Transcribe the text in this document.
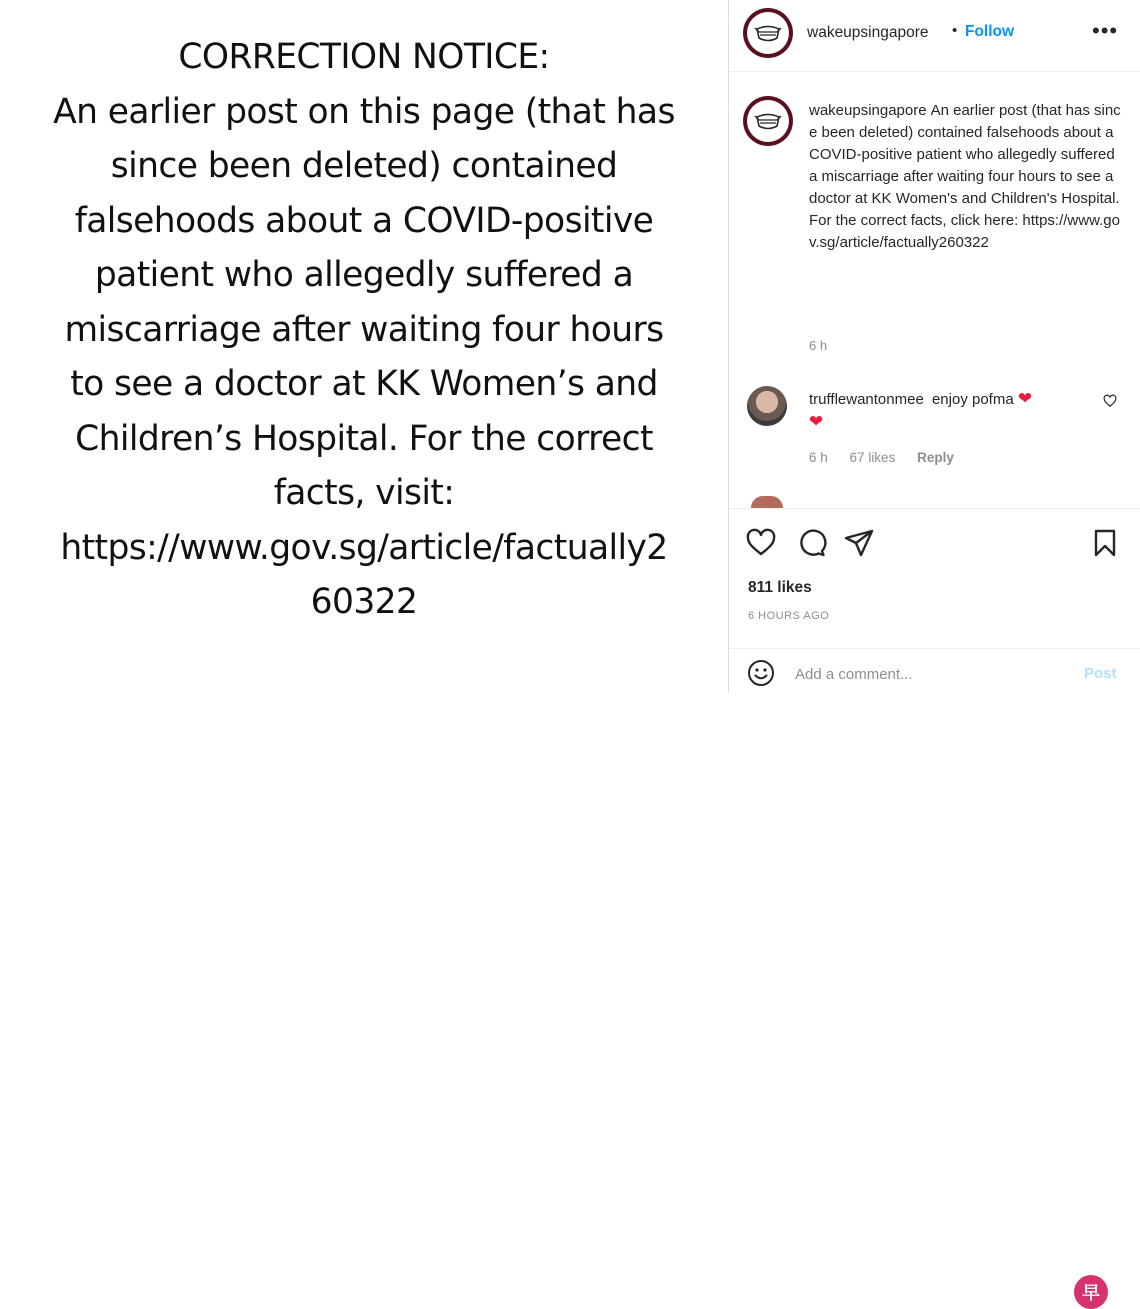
CORRECTION NOTICE:
An earlier post on this page (that has
since been deleted) contained
falsehoods about a COVID-positive
patient who allegedly suffered a
miscarriage after waiting four hours
to see a doctor at KK Women’s and
Children’s Hospital. For the correct
facts, visit:
https://www.gov.sg/article/factually2
60322
wakeupsingapore • Follow	•••
wakeupsingapore An earlier post (that has since been deleted) contained falsehoods about a COVID-positive patient who allegedly suffered a miscarriage after waiting four hours to see a doctor at KK Women's and Children's Hospital. For the correct facts, click here: https://www.gov.sg/article/factually260322
6 h
trufflewantonmee enjoy pofma ❤
❤
6 h 67 likes Reply
811 likes
6 HOURS AGO
Add a comment...
Post
早
